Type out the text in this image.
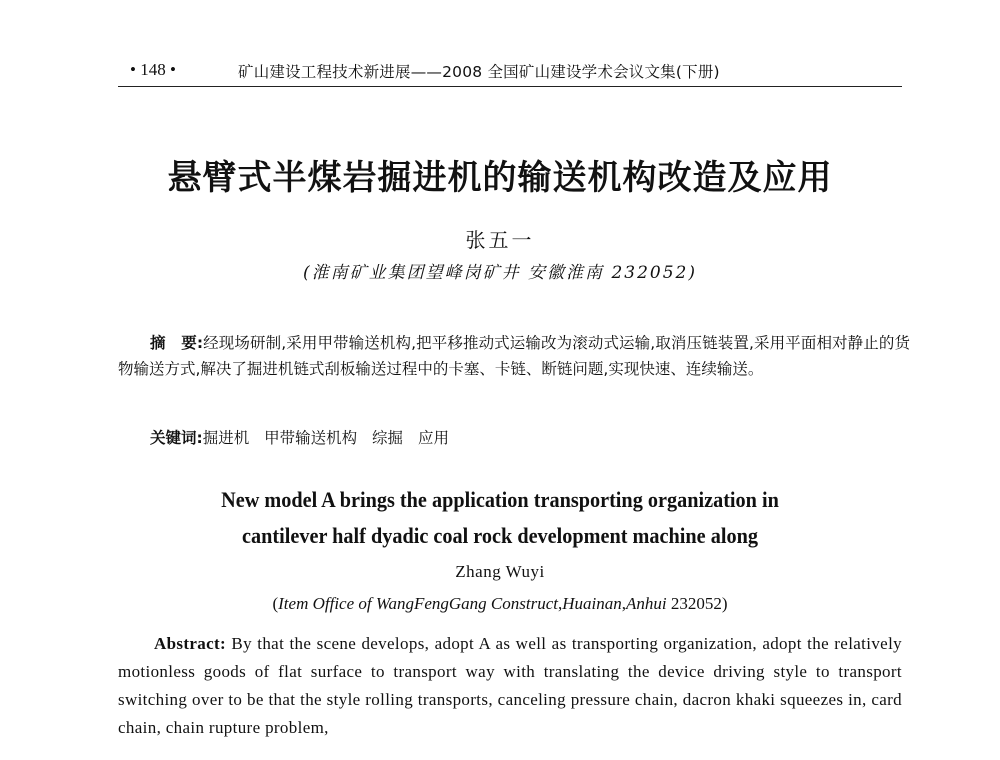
• 148 •	矿山建设工程技术新进展——2008 全国矿山建设学术会议文集(下册)
悬臂式半煤岩掘进机的输送机构改造及应用
张五一
(淮南矿业集团望峰岗矿井 安徽淮南 232052)
摘　要:经现场研制,采用甲带输送机构,把平移推动式运输改为滚动式运输,取消压链装置,采用平面相对静止的货物输送方式,解决了掘进机链式刮板输送过程中的卡塞、卡链、断链问题,实现快速、连续输送。
关键词:掘进机 甲带输送机构 综掘 应用
New model A brings the application transporting organization in
cantilever half dyadic coal rock development machine along
Zhang Wuyi
(Item Office of WangFengGang Construct,Huainan,Anhui 232052)
Abstract: By that the scene develops, adopt A as well as transporting organization, adopt the relatively motionless goods of flat surface to transport way with translating the device driving style to transport switching over to be that the style rolling transports, canceling pressure chain, dacron khaki squeezes in, card chain, chain rupture problem,
